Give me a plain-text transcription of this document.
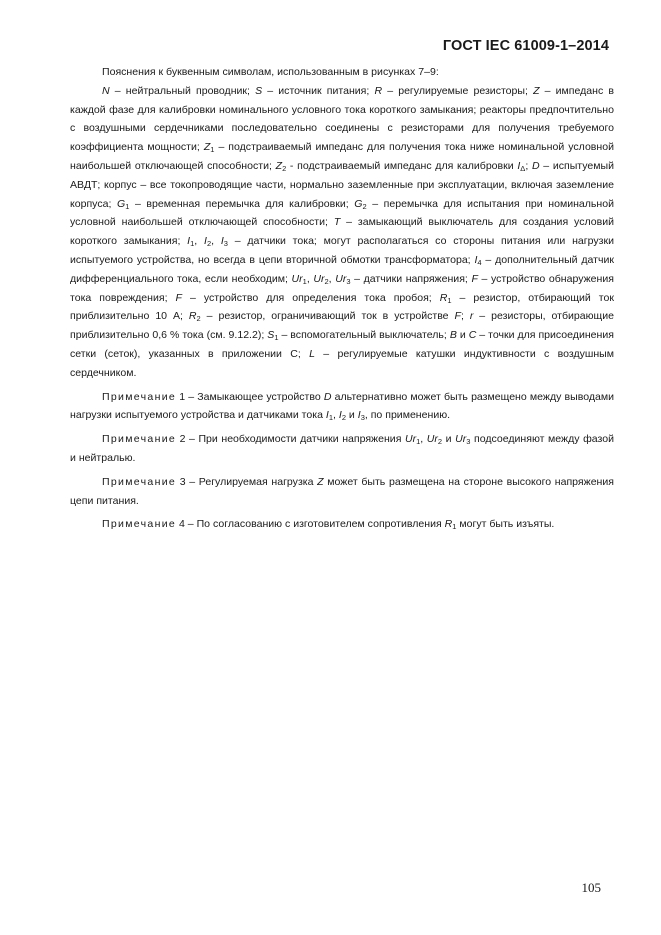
ГОСТ IEC 61009-1–2014

Пояснения к буквенным символам, использованным в рисунках 7–9:

N – нейтральный проводник; S – источник питания; R – регулируемые резисторы; Z – импеданс в каждой фазе для калибровки номинального условного тока короткого замыкания; реакторы предпочтительно с воздушными сердечниками последовательно соединены с резисторами для получения требуемого коэффициента мощности; $Z_1$ – подстраиваемый импеданс для получения тока ниже номинальной условной наибольшей отключающей способности; $Z_2$ - подстраиваемый импеданс для калибровки $I_\Delta$; D – испытуемый АВДТ; корпус – все токопроводящие части, нормально заземленные при эксплуатации, включая заземление корпуса; $G_1$ – временная перемычка для калибровки; $G_2$ – перемычка для испытания при номинальной условной наибольшей отключающей способности; T – замыкающий выключатель для создания условий короткого замыкания; $I_1$, $I_2$, $I_3$ – датчики тока; могут располагаться со стороны питания или нагрузки испытуемого устройства, но всегда в цепи вторичной обмотки трансформатора; $I_4$ – дополнительный датчик дифференциального тока, если необходим; $Ur_1$, $Ur_2$, $Ur_3$ – датчики напряжения; F – устройство обнаружения тока повреждения; F – устройство для определения тока пробоя; $R_1$ – резистор, отбирающий ток приблизительно 10 А; $R_2$ – резистор, ограничивающий ток в устройстве F; r – резисторы, отбирающие приблизительно 0,6 % тока (см. 9.12.2); $S_1$ – вспомогательный выключатель; B и C – точки для присоединения сетки (сеток), указанных в приложении С; L – регулируемые катушки индуктивности с воздушным сердечником.

Примечание 1 – Замыкающее устройство D альтернативно может быть размещено между выводами нагрузки испытуемого устройства и датчиками тока $I_1$, $I_2$ и $I_3$, по применению.

Примечание 2 – При необходимости датчики напряжения $Ur_1$, $Ur_2$ и $Ur_3$ подсоединяют между фазой и нейтралью.

Примечание 3 – Регулируемая нагрузка Z может быть размещена на стороне высокого напряжения цепи питания.

Примечание 4 – По согласованию с изготовителем сопротивления $R_1$ могут быть изъяты.

105
